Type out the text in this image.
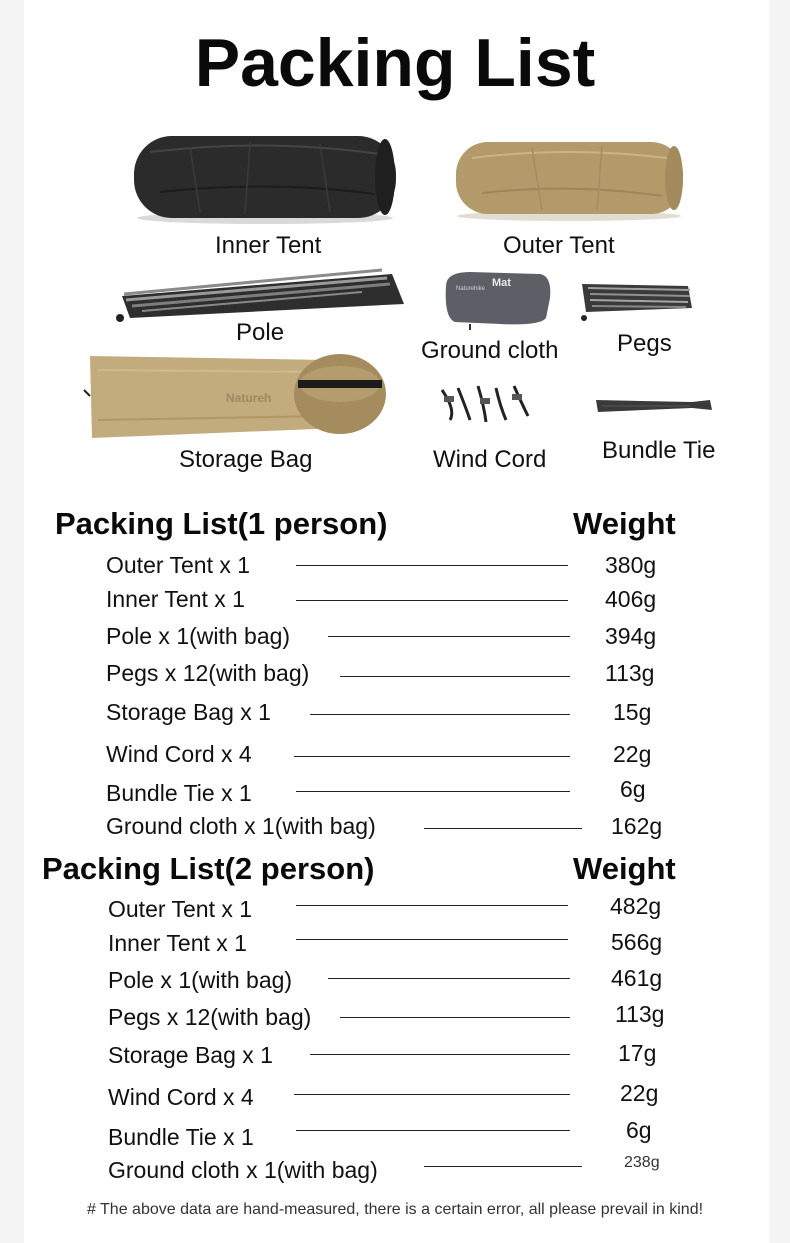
Packing List
Mat
Naturehike
Natureh
Inner Tent	Outer Tent
Pole
Ground cloth Pegs
Storage Bag	Wind Cord Bundle Tie
Packing List(1 person)	Weight
Outer Tent x 1	380g
Inner Tent x 1	406g
Pole x 1(with bag)	394g
Pegs x 12(with bag)	113g
Storage Bag x 1	15g
Wind Cord x 4	22g
Bundle Tie x 1	6g
Ground cloth x 1(with bag)	162g
Packing List(2 person)	Weight
Outer Tent x 1	482g
Inner Tent x 1	566g
Pole x 1(with bag)	461g
Pegs x 12(with bag)	113g
Storage Bag x 1	17g
Wind Cord x 4	22g
Bundle Tie x 1	6g
Ground cloth x 1(with bag)	238g
# The above data are hand-measured, there is a certain error, all please prevail in kind!
